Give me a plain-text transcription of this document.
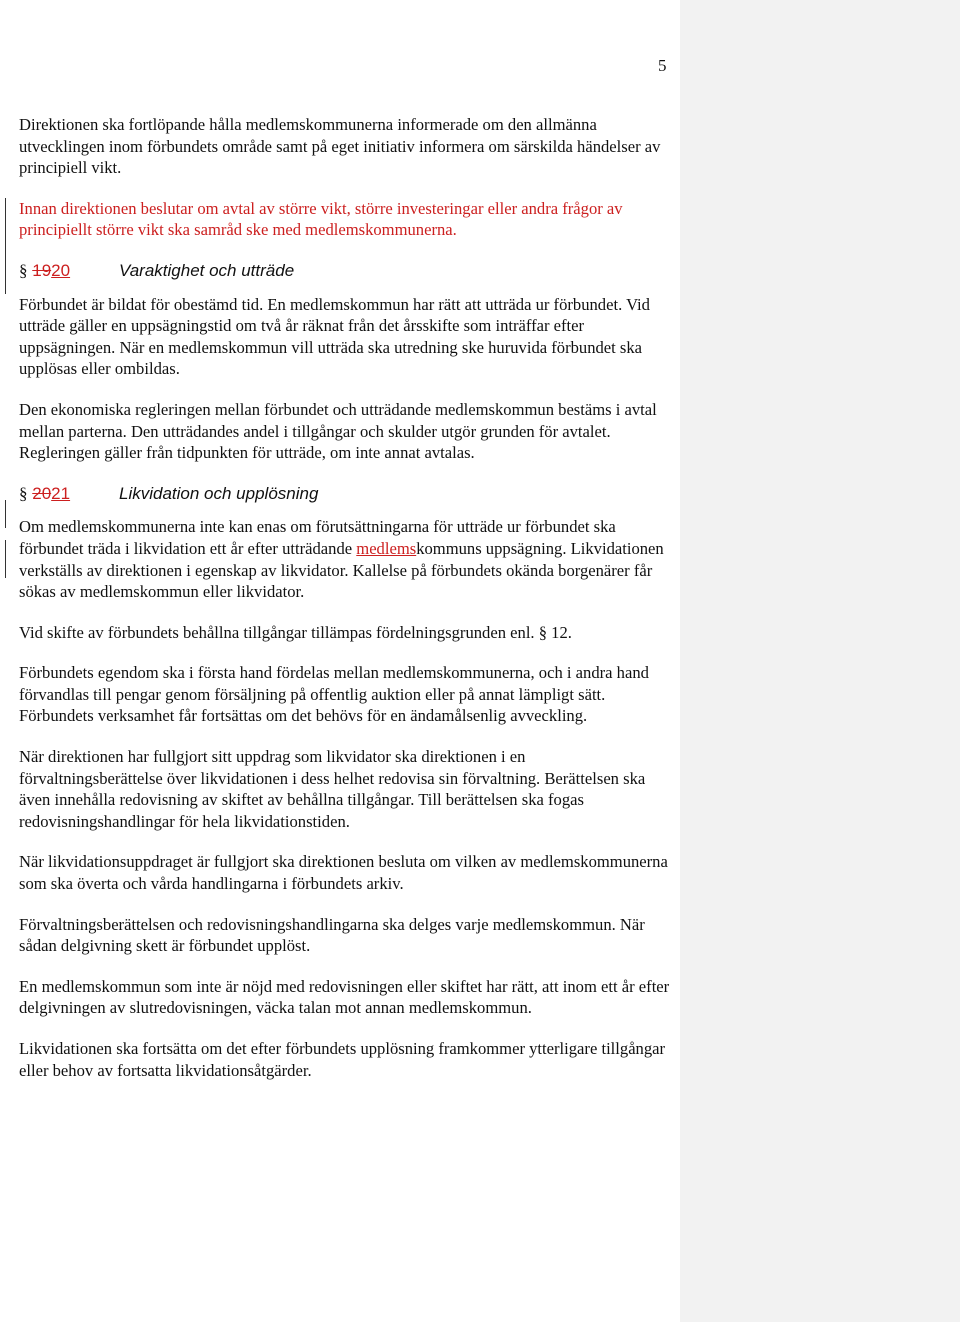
5

Direktionen ska fortlöpande hålla medlemskommunerna informerade om den allmänna utvecklingen inom förbundets område samt på eget initiativ informera om särskilda händelser av principiell vikt.

Innan direktionen beslutar om avtal av större vikt, större investeringar eller andra frågor av principiellt större vikt ska samråd ske med medlemskommunerna.

§ 1920	Varaktighet och utträde

Förbundet är bildat för obestämd tid. En medlemskommun har rätt att utträda ur förbundet. Vid utträde gäller en uppsägningstid om två år räknat från det årsskifte som inträffar efter uppsägningen. När en medlemskommun vill utträda ska utredning ske huruvida förbundet ska upplösas eller ombildas.

Den ekonomiska regleringen mellan förbundet och utträdande medlemskommun bestäms i avtal mellan parterna. Den utträdandes andel i tillgångar och skulder utgör grunden för avtalet. Regleringen gäller från tidpunkten för utträde, om inte annat avtalas.

§ 2021	Likvidation och upplösning

Om medlemskommunerna inte kan enas om förutsättningarna för utträde ur förbundet ska förbundet träda i likvidation ett år efter utträdande medlemskommuns uppsägning. Likvidationen verkställs av direktionen i egenskap av likvidator. Kallelse på förbundets okända borgenärer får sökas av medlemskommun eller likvidator.

Vid skifte av förbundets behållna tillgångar tillämpas fördelningsgrunden enl. § 12.

Förbundets egendom ska i första hand fördelas mellan medlemskommunerna, och i andra hand förvandlas till pengar genom försäljning på offentlig auktion eller på annat lämpligt sätt. Förbundets verksamhet får fortsättas om det behövs för en ändamålsenlig avveckling.

När direktionen har fullgjort sitt uppdrag som likvidator ska direktionen i en förvaltningsberättelse över likvidationen i dess helhet redovisa sin förvaltning. Berättelsen ska även innehålla redovisning av skiftet av behållna tillgångar. Till berättelsen ska fogas redovisningshandlingar för hela likvidationstiden.

När likvidationsuppdraget är fullgjort ska direktionen besluta om vilken av medlemskommunerna som ska överta och vårda handlingarna i förbundets arkiv.

Förvaltningsberättelsen och redovisningshandlingarna ska delges varje medlemskommun. När sådan delgivning skett är förbundet upplöst.

En medlemskommun som inte är nöjd med redovisningen eller skiftet har rätt, att inom ett år efter delgivningen av slutredovisningen, väcka talan mot annan medlemskommun.

Likvidationen ska fortsätta om det efter förbundets upplösning framkommer ytterligare tillgångar eller behov av fortsatta likvidationsåtgärder.
